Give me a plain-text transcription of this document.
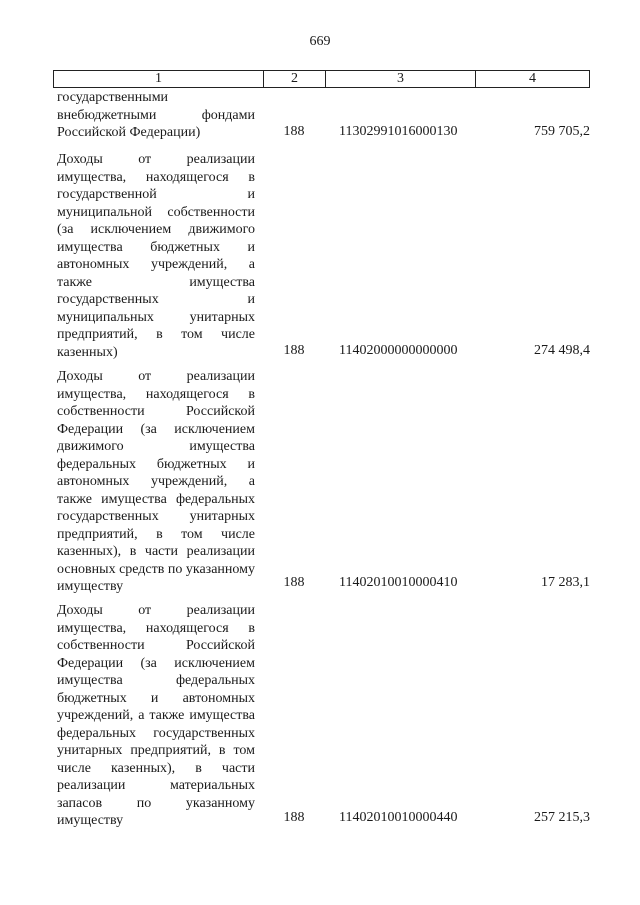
669
1	2	3	4
государственными внебюджетными фондами Российской Федерации)	188	11302991016000130	759 705,2
Доходы от реализации имущества, находящегося в государственной и муниципальной собственности (за исключением движимого имущества бюджетных и автономных учреждений, а также имущества государственных и муниципальных унитарных предприятий, в том числе казенных)	188	11402000000000000	274 498,4
Доходы от реализации имущества, находящегося в собственности Российской Федерации (за исключением движимого имущества федеральных бюджетных и автономных учреждений, а также имущества федеральных государственных унитарных предприятий, в том числе казенных), в части реализации основных средств по указанному имуществу	188	11402010010000410	17 283,1
Доходы от реализации имущества, находящегося в собственности Российской Федерации (за исключением имущества федеральных бюджетных и автономных учреждений, а также имущества федеральных государственных унитарных предприятий, в том числе казенных), в части реализации материальных запасов по указанному имуществу	188	11402010010000440	257 215,3
